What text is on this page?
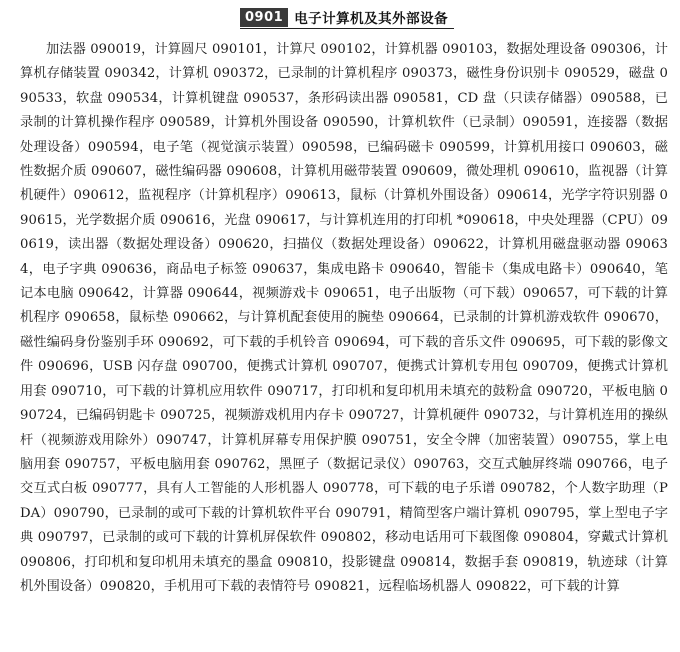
0901 电子计算机及其外部设备

加法器 090019，计算圆尺 090101，计算尺 090102，计算机器 090103，数据处理设备 090306，计算机存储装置 090342，计算机 090372，已录制的计算机程序 090373，磁性身份识别卡 090529，磁盘 090533，软盘 090534，计算机键盘 090537，条形码读出器 090581，CD 盘（只读存储器）090588，已录制的计算机操作程序 090589，计算机外围设备 090590，计算机软件（已录制）090591，连接器（数据处理设备）090594，电子笔（视觉演示装置）090598，已编码磁卡 090599，计算机用接口 090603，磁性数据介质 090607，磁性编码器 090608，计算机用磁带装置 090609，微处理机 090610，监视器（计算机硬件）090612，监视程序（计算机程序）090613，鼠标（计算机外围设备）090614，光学字符识别器 090615，光学数据介质 090616，光盘 090617，与计算机连用的打印机 *090618，中央处理器（CPU）090619，读出器（数据处理设备）090620，扫描仪（数据处理设备）090622，计算机用磁盘驱动器 090634，电子字典 090636，商品电子标签 090637，集成电路卡 090640，智能卡（集成电路卡）090640，笔记本电脑 090642，计算器 090644，视频游戏卡 090651，电子出版物（可下载）090657，可下载的计算机程序 090658，鼠标垫 090662，与计算机配套使用的腕垫 090664，已录制的计算机游戏软件 090670，磁性编码身份鉴别手环 090692，可下载的手机铃音 090694，可下载的音乐文件 090695，可下载的影像文件 090696，USB 闪存盘 090700，便携式计算机 090707，便携式计算机专用包 090709，便携式计算机用套 090710，可下载的计算机应用软件 090717，打印机和复印机用未填充的鼓粉盒 090720，平板电脑 090724，已编码钥匙卡 090725，视频游戏机用内存卡 090727，计算机硬件 090732，与计算机连用的操纵杆（视频游戏用除外）090747，计算机屏幕专用保护膜 090751，安全令牌（加密装置）090755，掌上电脑用套 090757，平板电脑用套 090762，黑匣子（数据记录仪）090763，交互式触屏终端 090766，电子交互式白板 090777，具有人工智能的人形机器人 090778，可下载的电子乐谱 090782，个人数字助理（PDA）090790，已录制的或可下载的计算机软件平台 090791，精简型客户端计算机 090795，掌上型电子字典 090797，已录制的或可下载的计算机屏保软件 090802，移动电话用可下载图像 090804，穿戴式计算机 090806，打印机和复印机用未填充的墨盒 090810，投影键盘 090814，数据手套 090819，轨迹球（计算机外围设备）090820，手机用可下载的表情符号 090821，远程临场机器人 090822，可下载的计算
